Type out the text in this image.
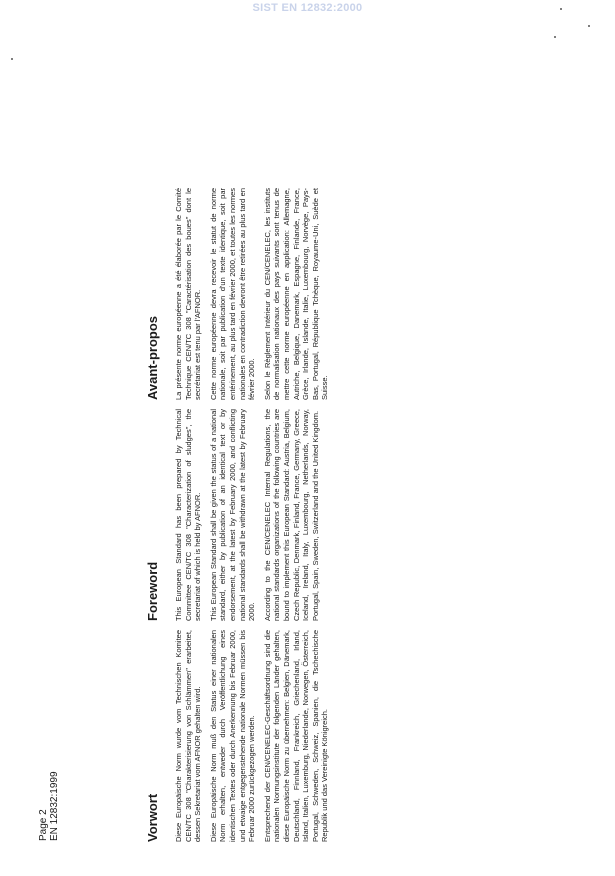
SIST EN 12832:2000
Page 2 EN 12832:1999	Vorwort
Foreword
Avant-propos

Diese Europäische Norm wurde vom Technischen Komitee CEN/TC 308 "Charakterisierung von Schlämmen" erarbeitet, dessen Sekretariat vom AFNOR gehalten wird. Diese Europäische Norm muß den Status einer nationalen Norm erhalten, entweder durch Veröffentlichung eines identischen Textes oder durch Anerkennung bis Februar 2000, und etwaige entgegenstehende nationale Normen müssen bis Februar 2000 zurückgezogen werden. Entsprechend der CEN/CENELEC-Geschäftsordnung sind die nationalen Normungsinstitute der folgenden Länder gehalten, diese Europäische Norm zu übernehmen: Belgien, Dänemark, Deutschland, Finnland, Frankreich, Griechenland, Irland, Island, Italien, Luxemburg, Niederlande, Norwegen, Österreich, Portugal, Schweden, Schweiz, Spanien, die Tschechische Republik und das Vereinigte Königreich.

This European Standard has been prepared by Technical Committee CEN/TC 308 "Characterization of sludges", the secretariat of which is held by AFNOR. This European Standard shall be given the status of a national standard, either by publication of an identical text or by endorsement, at the latest by February 2000, and conflicting national standards shall be withdrawn at the latest by February 2000. According to the CEN/CENELEC Internal Regulations, the national standards organizations of the following countries are bound to implement this European Standard: Austria, Belgium, Czech Republic, Denmark, Finland, France, Germany, Greece, Iceland, Ireland, Italy, Luxembourg, Netherlands, Norway, Portugal, Spain, Sweden, Switzerland and the United Kingdom.

La présente norme européenne a été élaborée par le Comité Technique CEN/TC 308 "Caractérisation des boues" dont le secrétariat est tenu par l'AFNOR. Cette norme européenne devra recevoir le statut de norme nationale, soit par publication d'un texte identique, soit par entérinement, au plus tard en février 2000, et toutes les normes nationales en contradiction devront être retirées au plus tard en février 2000. Selon le Règlement Intérieur du CEN/CENELEC, les instituts de normalisation nationaux des pays suivants sont tenus de mettre cette norme européenne en application: Allemagne, Autriche, Belgique, Danemark, Espagne, Finlande, France, Grèce, Irlande, Islande, Italie, Luxembourg, Norvège, Pays-Bas, Portugal, République Tchèque, Royaume-Uni, Suède et Suisse.
